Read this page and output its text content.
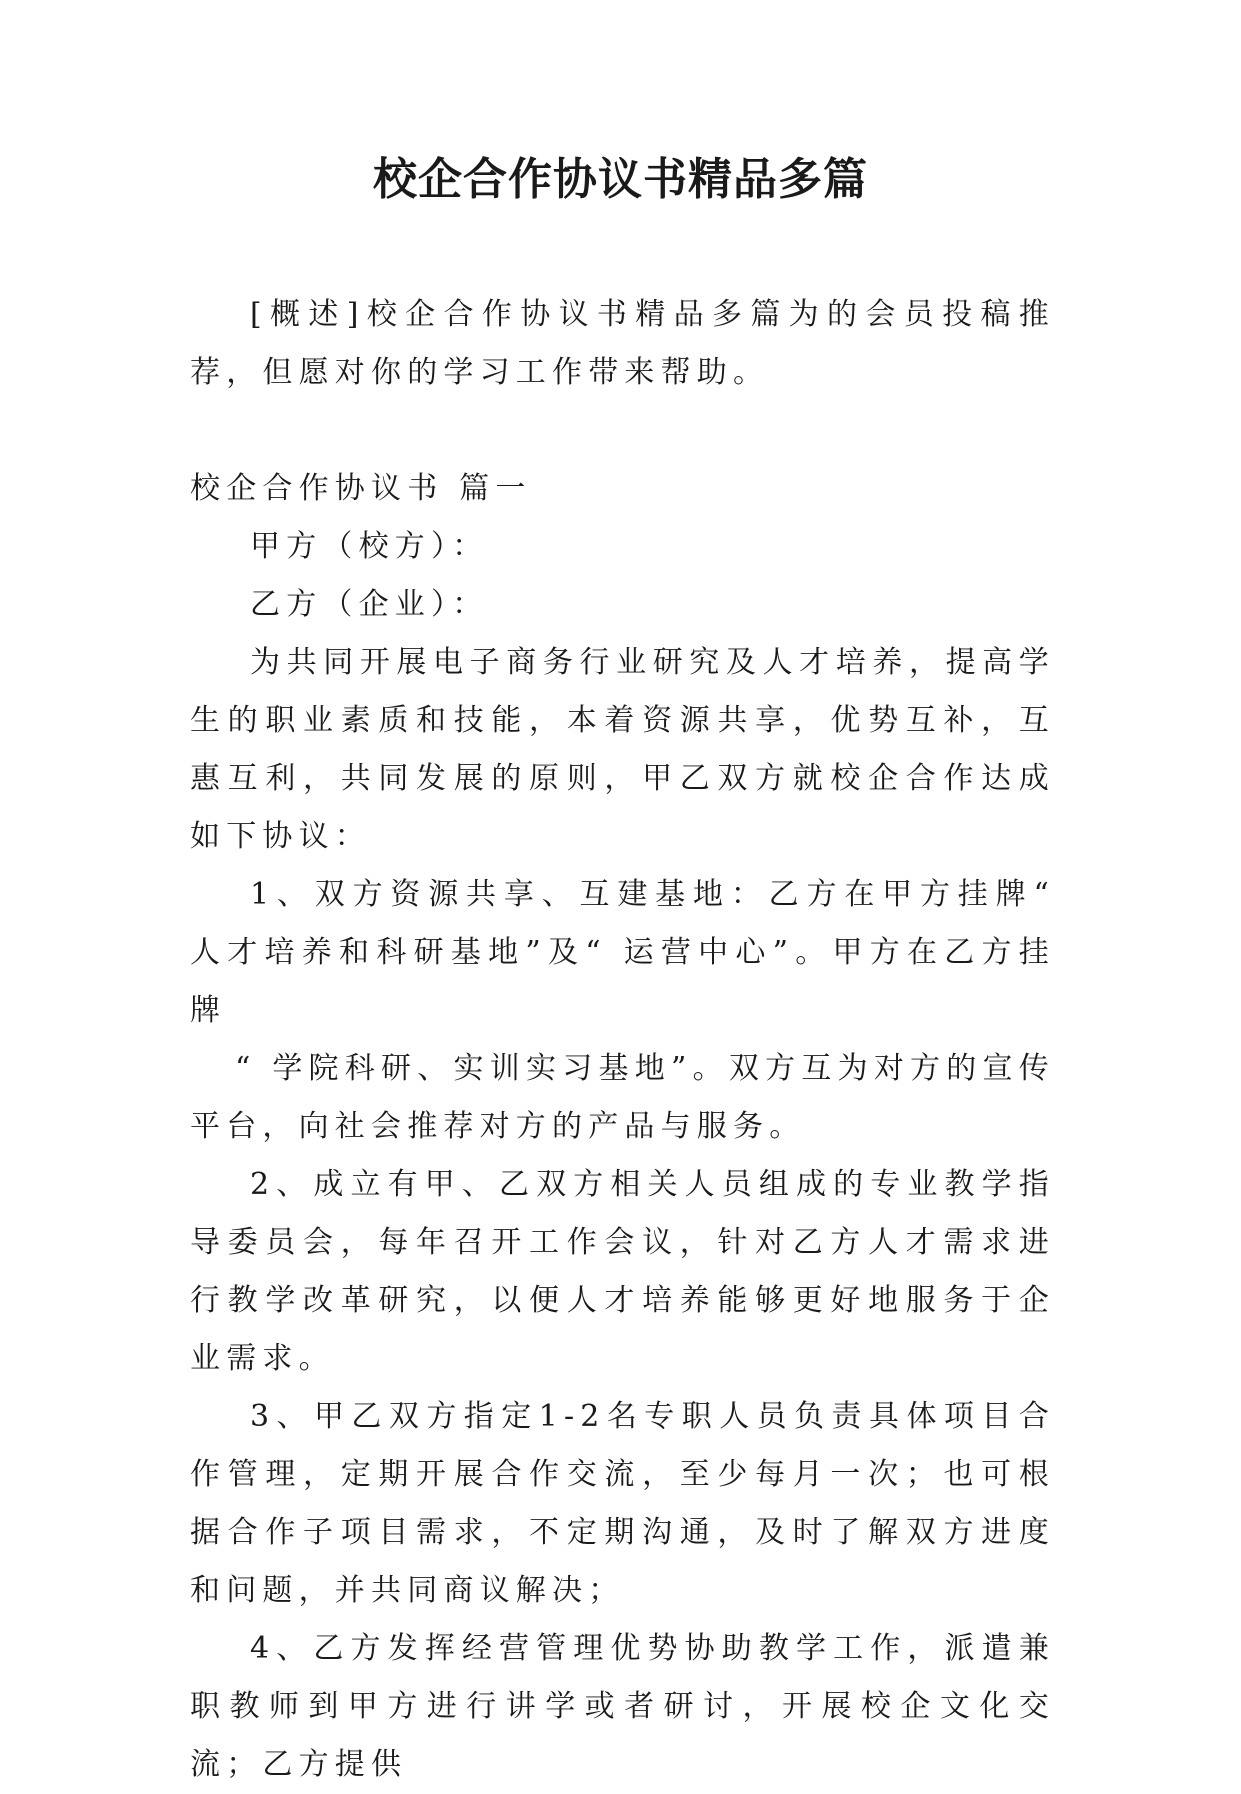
校企合作协议书精品多篇

[概述]校企合作协议书精品多篇为的会员投稿推荐，但愿对你的学习工作带来帮助。

校企合作协议书 篇一

甲方（校方）：

乙方（企业）：

为共同开展电子商务行业研究及人才培养，提高学生的职业素质和技能，本着资源共享，优势互补，互惠互利，共同发展的原则，甲乙双方就校企合作达成如下协议：

1、双方资源共享、互建基地：乙方在甲方挂牌“ 人才培养和科研基地”及“ 运营中心”。甲方在乙方挂牌

“ 学院科研、实训实习基地”。双方互为对方的宣传平台，向社会推荐对方的产品与服务。

2、成立有甲、乙双方相关人员组成的专业教学指导委员会，每年召开工作会议，针对乙方人才需求进行教学改革研究，以便人才培养能够更好地服务于企业需求。

3、甲乙双方指定1-2名专职人员负责具体项目合作管理，定期开展合作交流，至少每月一次；也可根据合作子项目需求，不定期沟通，及时了解双方进度和问题，并共同商议解决；

4、乙方发挥经营管理优势协助教学工作，派遣兼职教师到甲方进行讲学或者研讨，开展校企文化交流；乙方提供
